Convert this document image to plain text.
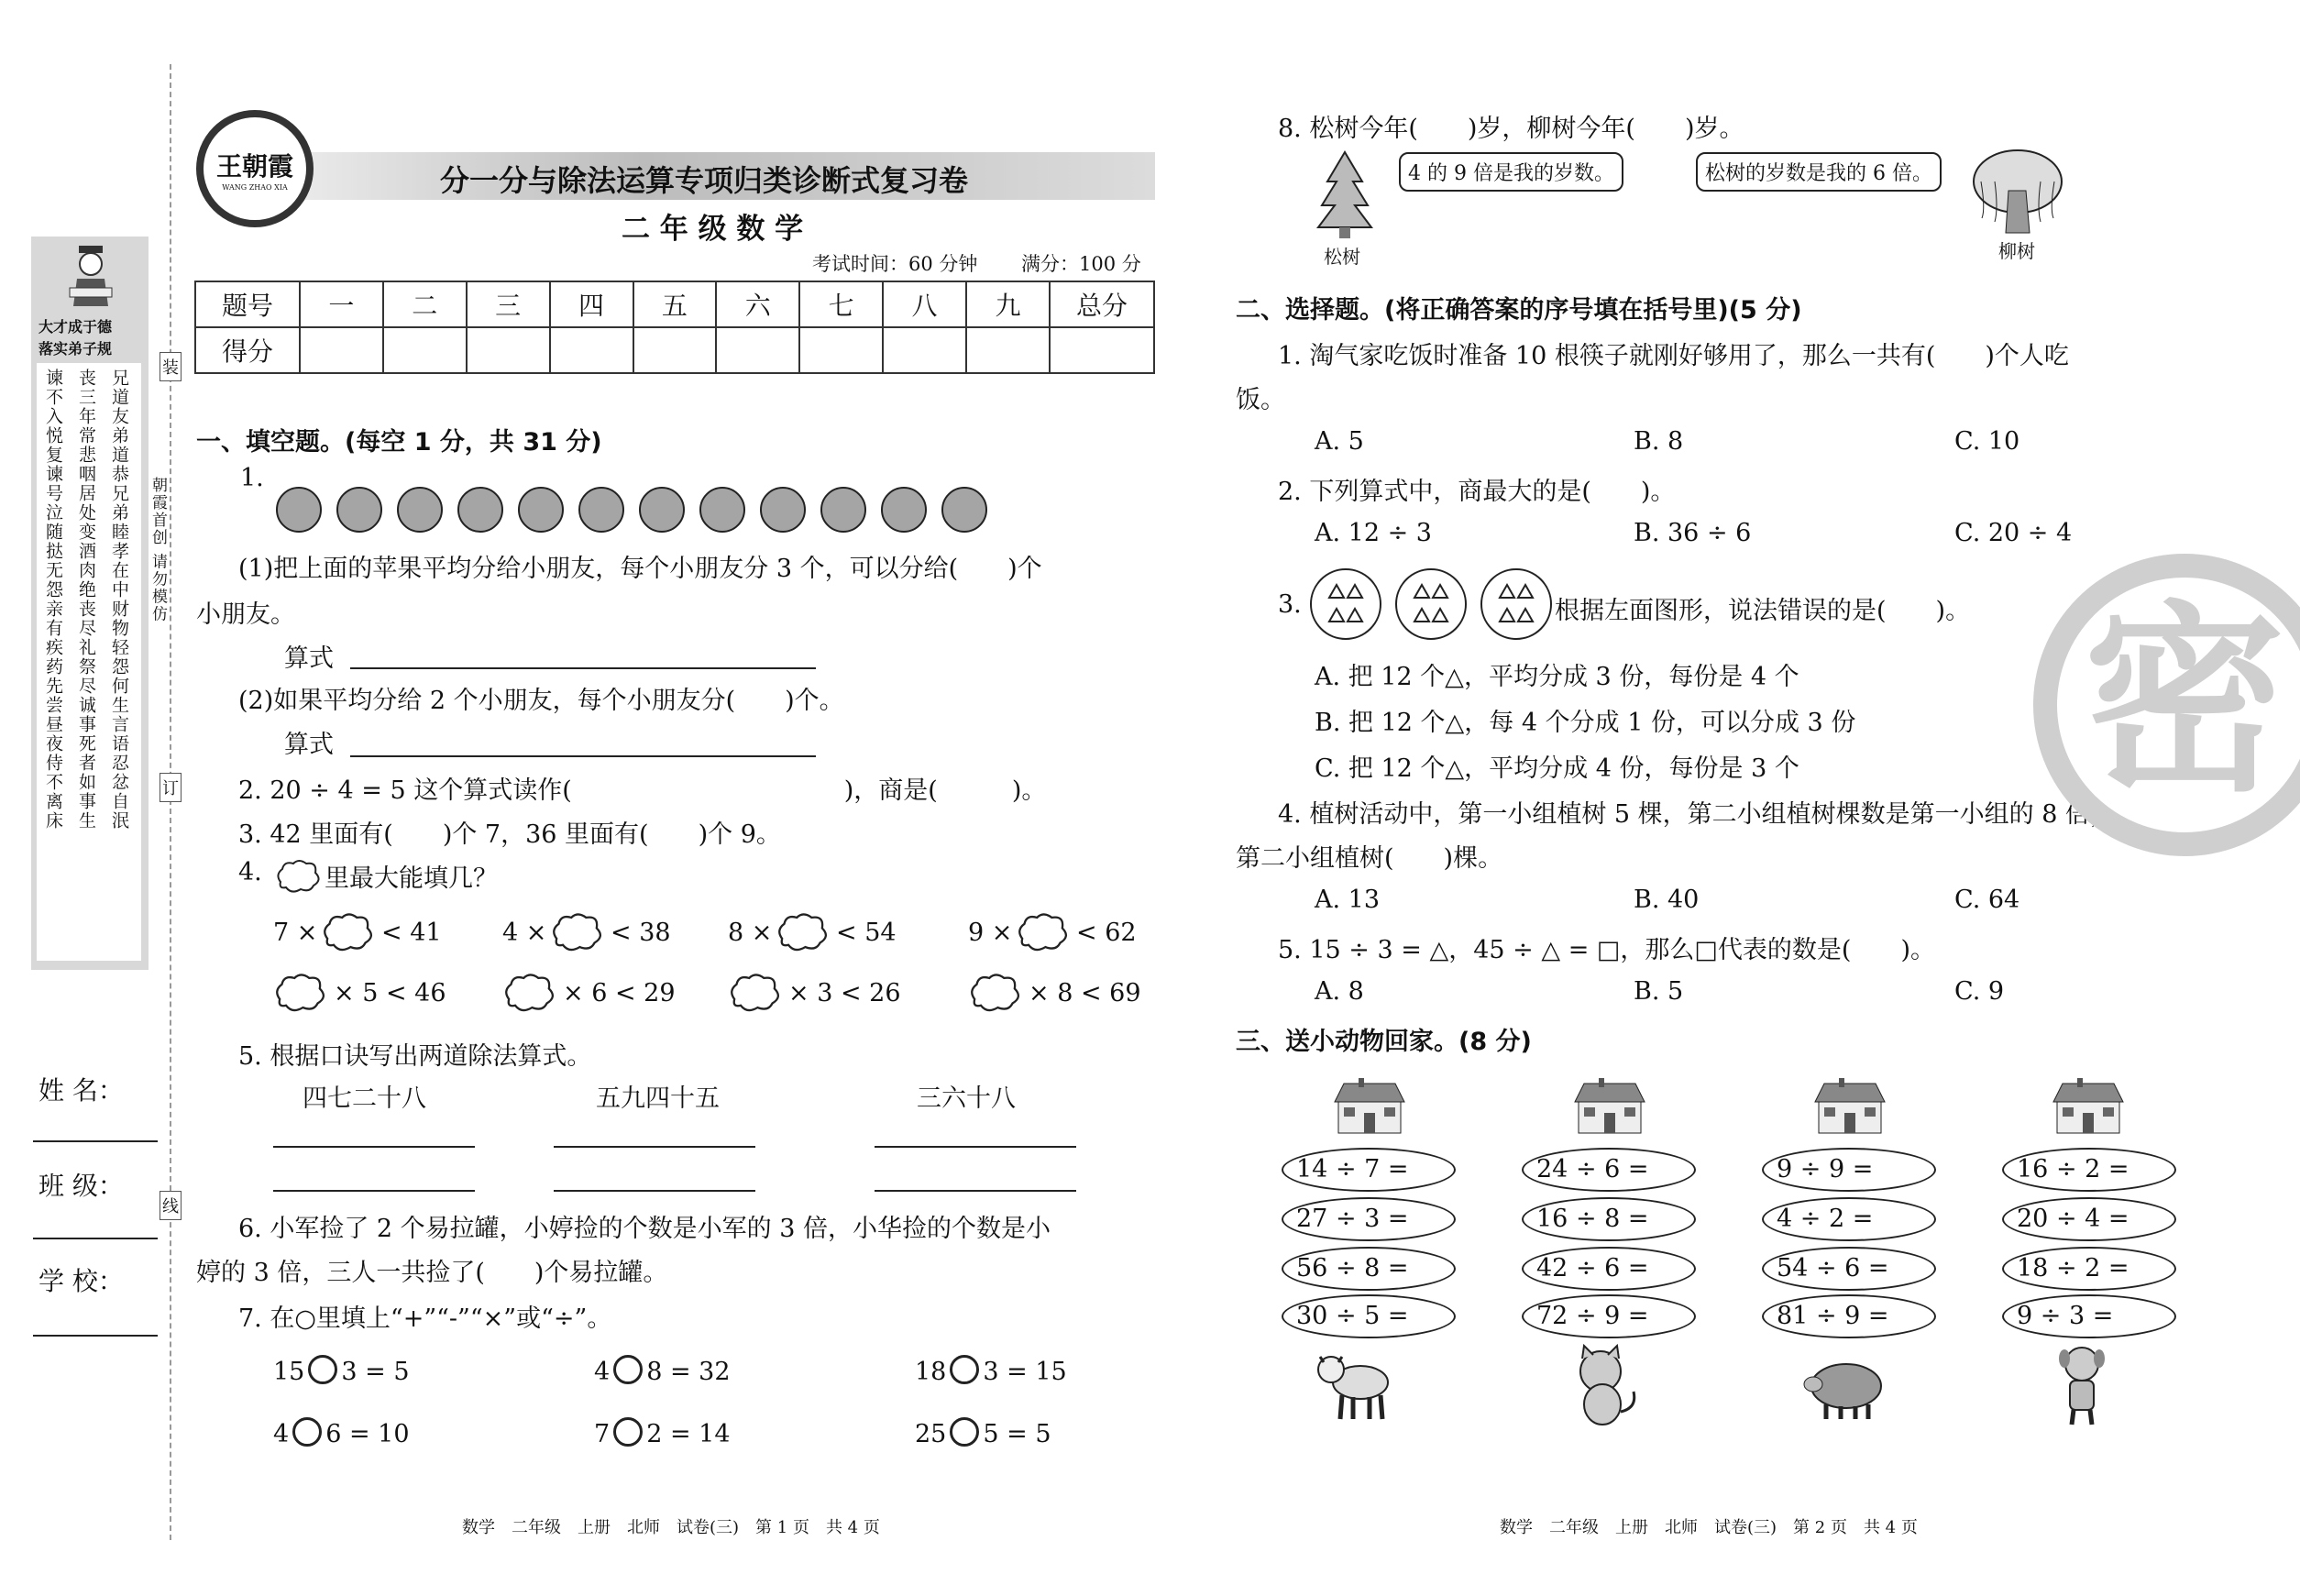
装
订
线
朝霞首创 请勿模仿
大才成于德
落实弟子规
谏不入悦复谏号泣随挞无怨亲有疾药先尝昼夜侍不离床 丧三年常悲咽居处变酒肉绝丧尽礼祭尽诚事死者如事生 兄道友弟道恭兄弟睦孝在中财物轻怨何生言语忍忿自泯
姓 名：
班 级：
学 校：
王朝霞
WANG ZHAO XIA	分一分与除法运算专项归类诊断式复习卷
二 年 级 数 学
考试时间：60 分钟 满分：100 分
题号	一	二	三	四	五	六	七	八	九	总分
得分										
一、填空题。(每空 1 分，共 31 分)
1.
(1)把上面的苹果平均分给小朋友，每个小朋友分 3 个，可以分给(　　)个
小朋友。
算式
(2)如果平均分给 2 个小朋友，每个小朋友分(　　)个。
算式
2. 20 ÷ 4 = 5 这个算式读作(　　　　　　　　　　　)，商是(　　　)。
3. 42 里面有(　　)个 7，36 里面有(　　)个 9。
4.	里最大能填几？
7 ×	< 41 4 ×	< 38 8 ×	< 54	9 ×	< 62
× 5 < 46	× 6 < 29	× 3 < 26	× 8 < 69
5. 根据口诀写出两道除法算式。
四七二十八	五九四十五	三六十八
6. 小军捡了 2 个易拉罐，小婷捡的个数是小军的 3 倍，小华捡的个数是小
婷的 3 倍，三人一共捡了(　　)个易拉罐。
7. 在○里填上“+”“-”“×”或“÷”。
15 3 = 5	4 8 = 32	18 3 = 15
4 6 = 10	7 2 = 14	25 5 = 5
数学　二年级　上册　北师　试卷(三)　第 1 页　共 4 页
8. 松树今年(　　)岁，柳树今年(　　)岁。
松树
4 的 9 倍是我的岁数。	松树的岁数是我的 6 倍。
柳树
二、选择题。(将正确答案的序号填在括号里)(5 分)
1. 淘气家吃饭时准备 10 根筷子就刚好够用了，那么一共有(　　)个人吃
饭。
A. 5	B. 8	C. 10
2. 下列算式中，商最大的是(　　)。
A. 12 ÷ 3	B. 36 ÷ 6	C. 20 ÷ 4
3.	根据左面图形，说法错误的是(　　)。
A. 把 12 个△，平均分成 3 份，每份是 4 个
B. 把 12 个△，每 4 个分成 1 份，可以分成 3 份
C. 把 12 个△，平均分成 4 份，每份是 3 个
4. 植树活动中，第一小组植树 5 棵，第二小组植树棵数是第一小组的 8 倍，
第二小组植树(　　)棵。
A. 13	B. 40	C. 64
5. 15 ÷ 3 = △，45 ÷ △ = □，那么□代表的数是(　　)。
A. 8	B. 5	C. 9
三、送小动物回家。(8 分)
14 ÷ 7 =
27 ÷ 3 =
56 ÷ 8 =
30 ÷ 5 =
24 ÷ 6 =
16 ÷ 8 =
42 ÷ 6 =
72 ÷ 9 =
9 ÷ 9 =
4 ÷ 2 =
54 ÷ 6 =
81 ÷ 9 =
16 ÷ 2 =
20 ÷ 4 =
18 ÷ 2 =
9 ÷ 3 =
密
数学　二年级　上册　北师　试卷(三)　第 2 页　共 4 页
